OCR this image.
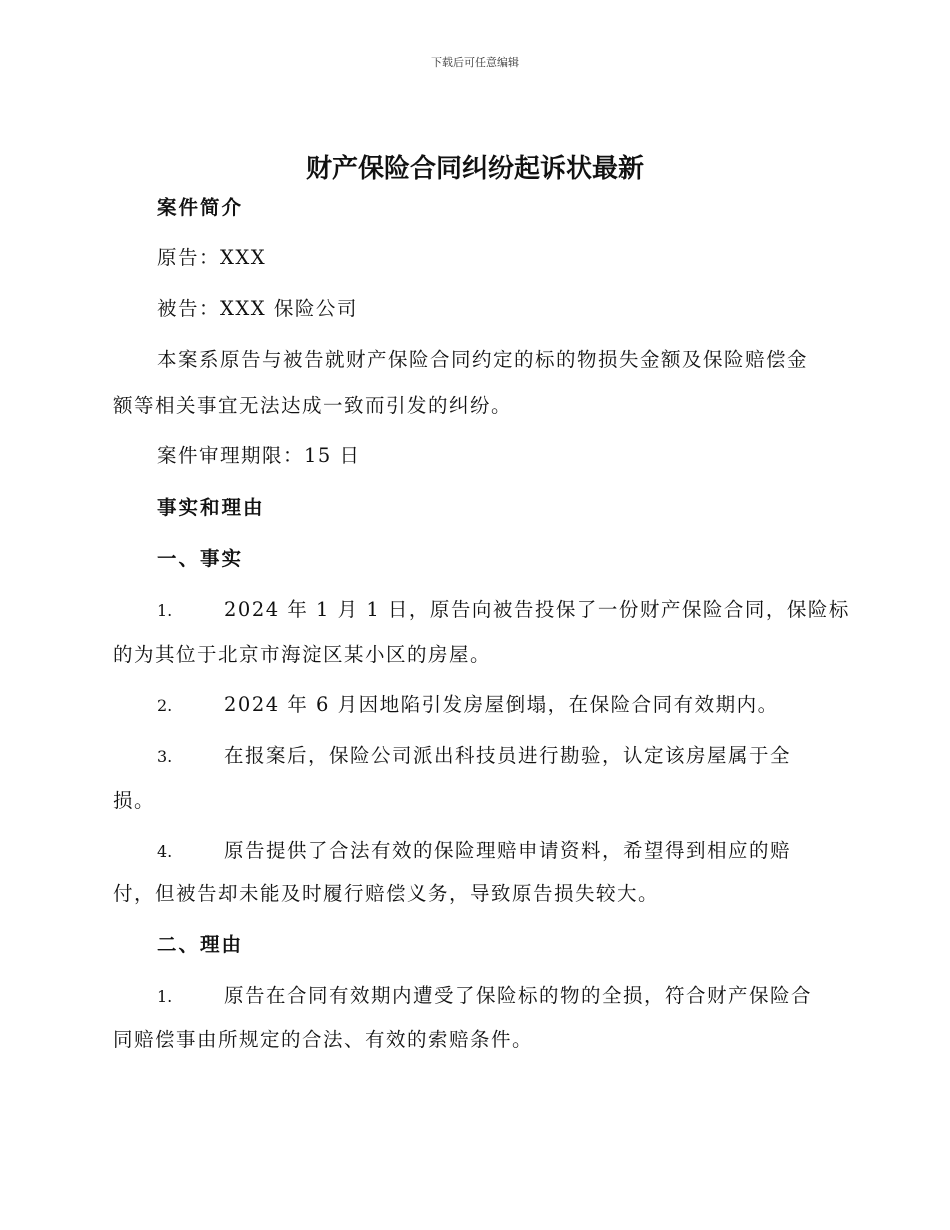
下载后可任意编辑
财产保险合同纠纷起诉状最新
案件简介
原告：XXX
被告：XXX 保险公司
本案系原告与被告就财产保险合同约定的标的物损失金额及保险赔偿金
额等相关事宜无法达成一致而引发的纠纷。
案件审理期限：15 日
事实和理由
一、事实
1.	2024 年 1 月 1 日，原告向被告投保了一份财产保险合同，保险标
的为其位于北京市海淀区某小区的房屋。
2.	2024 年 6 月因地陷引发房屋倒塌，在保险合同有效期内。
3.	在报案后，保险公司派出科技员进行勘验，认定该房屋属于全
损。
4.	原告提供了合法有效的保险理赔申请资料，希望得到相应的赔
付，但被告却未能及时履行赔偿义务，导致原告损失较大。
二、理由
1.	原告在合同有效期内遭受了保险标的物的全损，符合财产保险合
同赔偿事由所规定的合法、有效的索赔条件。
